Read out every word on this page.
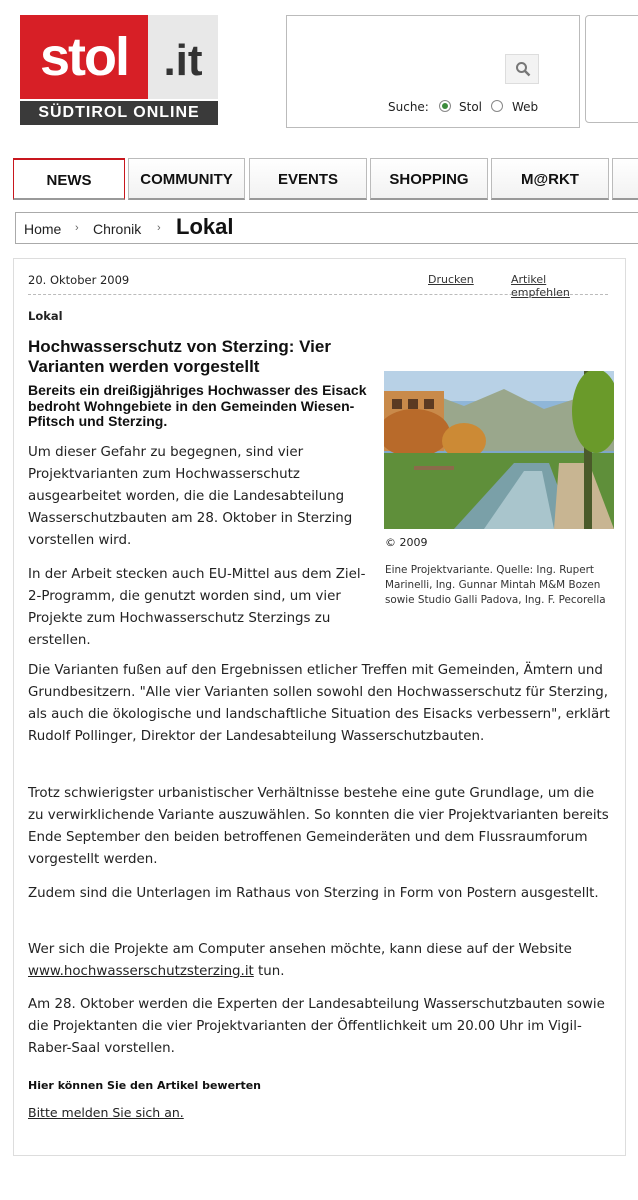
stol .it
SÜDTIROL ONLINE	Suche:	Stol	Web
NEWS	COMMUNITY	EVENTS	SHOPPING	M@RKT
Home › Chronik › Lokal
20. Oktober 2009	Drucken	Artikel empfehlen
Lokal
Hochwasserschutz von Sterzing: Vier Varianten werden vorgestellt
Bereits ein dreißigjähriges Hochwasser des Eisack bedroht Wohngebiete in den Gemeinden Wiesen-Pfitsch und Sterzing.
© 2009
Eine Projektvariante. Quelle: Ing. Rupert Marinelli, Ing. Gunnar Mintah M&M Bozen sowie Studio Galli Padova, Ing. F. Pecorella

Um dieser Gefahr zu begegnen, sind vier Projektvarianten zum Hochwasserschutz ausgearbeitet worden, die die Landesabteilung Wasserschutzbauten am 28. Oktober in Sterzing vorstellen wird.

In der Arbeit stecken auch EU-Mittel aus dem Ziel-2-Programm, die genutzt worden sind, um vier Projekte zum Hochwasserschutz Sterzings zu erstellen.

Die Varianten fußen auf den Ergebnissen etlicher Treffen mit Gemeinden, Ämtern und Grundbesitzern. "Alle vier Varianten sollen sowohl den Hochwasserschutz für Sterzing, als auch die ökologische und landschaftliche Situation des Eisacks verbessern", erklärt Rudolf Pollinger, Direktor der Landesabteilung Wasserschutzbauten.

Trotz schwierigster urbanistischer Verhältnisse bestehe eine gute Grundlage, um die zu verwirklichende Variante auszuwählen. So konnten die vier Projektvarianten bereits Ende September den beiden betroffenen Gemeinderäten und dem Flussraumforum vorgestellt werden.

Zudem sind die Unterlagen im Rathaus von Sterzing in Form von Postern ausgestellt.

Wer sich die Projekte am Computer ansehen möchte, kann diese auf der Website www.hochwasserschutzsterzing.it tun.

Am 28. Oktober werden die Experten der Landesabteilung Wasserschutzbauten sowie die Projektanten die vier Projektvarianten der Öffentlichkeit um 20.00 Uhr im Vigil-Raber-Saal vorstellen.

Hier können Sie den Artikel bewerten
Bitte melden Sie sich an.
